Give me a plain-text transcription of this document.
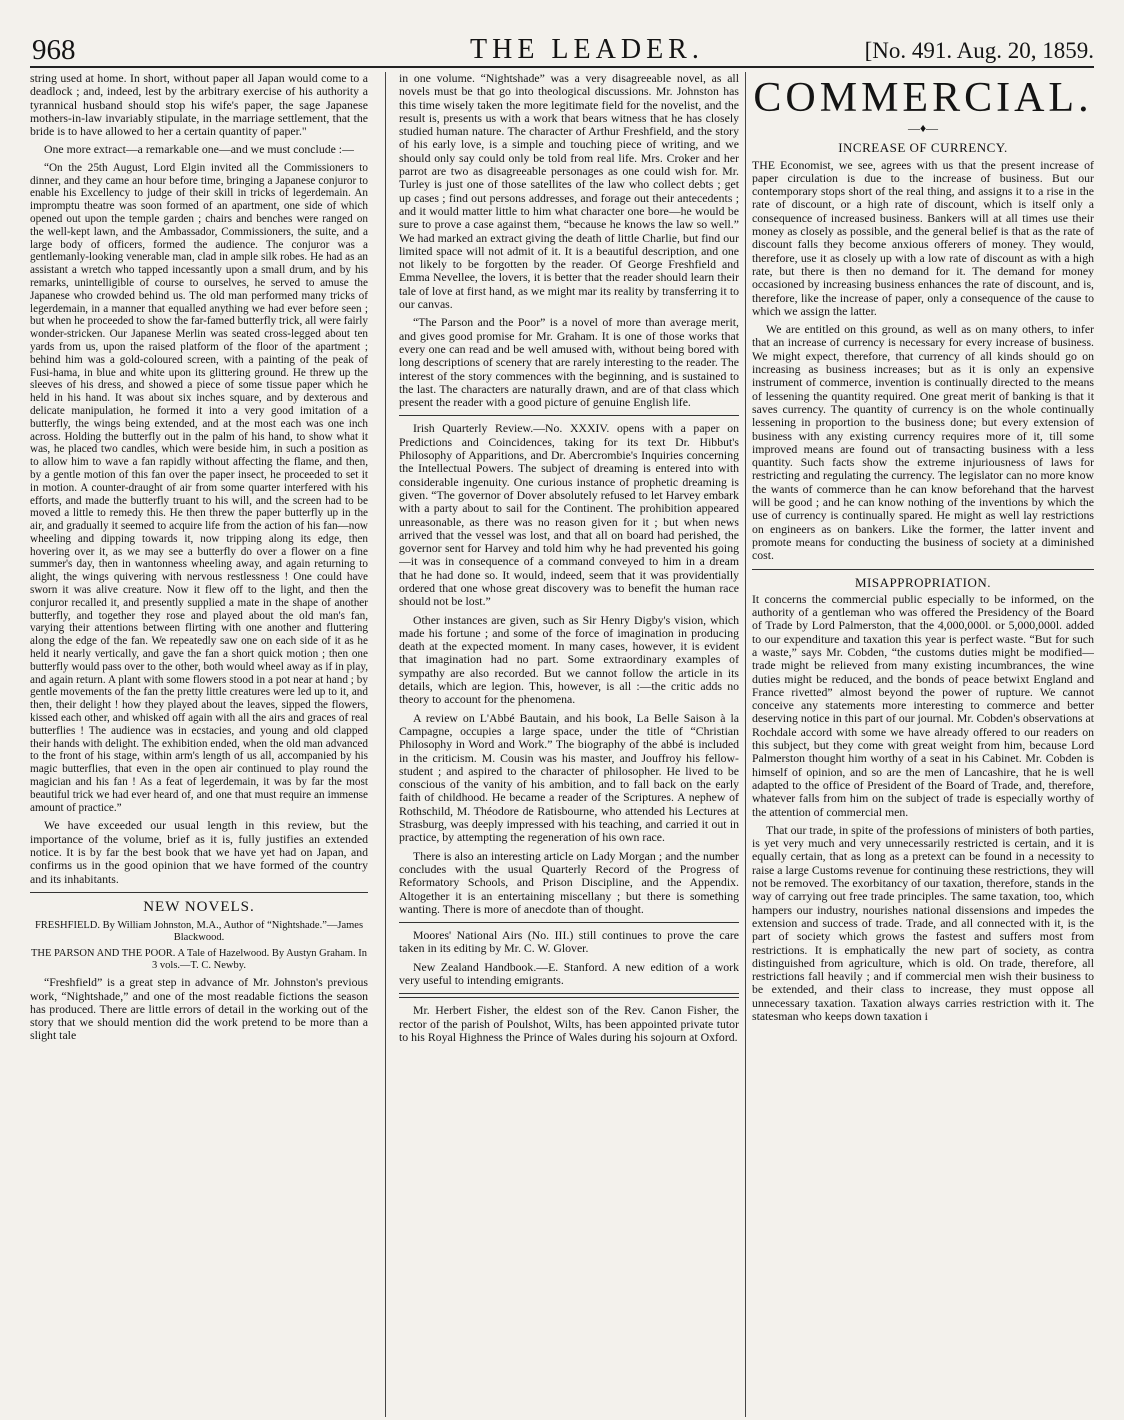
968	THE LEADER.	[No. 491. Aug. 20, 1859.

string used at home. In short, without paper all Japan would come to a deadlock ; and, indeed, lest by the arbitrary exercise of his authority a tyrannical husband should stop his wife's paper, the sage Japanese mothers-in-law invariably stipulate, in the marriage settlement, that the bride is to have allowed to her a certain quantity of paper."

One more extract—a remarkable one—and we must conclude :—

“On the 25th August, Lord Elgin invited all the Commissioners to dinner, and they came an hour before time, bringing a Japanese conjuror to enable his Excellency to judge of their skill in tricks of legerdemain. An impromptu theatre was soon formed of an apartment, one side of which opened out upon the temple garden ; chairs and benches were ranged on the well-kept lawn, and the Ambassador, Commissioners, the suite, and a large body of officers, formed the audience. The conjuror was a gentlemanly-looking venerable man, clad in ample silk robes. He had as an assistant a wretch who tapped incessantly upon a small drum, and by his remarks, unintelligible of course to ourselves, he served to amuse the Japanese who crowded behind us. The old man performed many tricks of legerdemain, in a manner that equalled anything we had ever before seen ; but when he proceeded to show the far-famed butterfly trick, all were fairly wonder-stricken. Our Japanese Merlin was seated cross-legged about ten yards from us, upon the raised platform of the floor of the apartment ; behind him was a gold-coloured screen, with a painting of the peak of Fusi-hama, in blue and white upon its glittering ground. He threw up the sleeves of his dress, and showed a piece of some tissue paper which he held in his hand. It was about six inches square, and by dexterous and delicate manipulation, he formed it into a very good imitation of a butterfly, the wings being extended, and at the most each was one inch across. Holding the butterfly out in the palm of his hand, to show what it was, he placed two candles, which were beside him, in such a position as to allow him to wave a fan rapidly without affecting the flame, and then, by a gentle motion of this fan over the paper insect, he proceeded to set it in motion. A counter-draught of air from some quarter interfered with his efforts, and made the butterfly truant to his will, and the screen had to be moved a little to remedy this. He then threw the paper butterfly up in the air, and gradually it seemed to acquire life from the action of his fan—now wheeling and dipping towards it, now tripping along its edge, then hovering over it, as we may see a butterfly do over a flower on a fine summer's day, then in wantonness wheeling away, and again returning to alight, the wings quivering with nervous restlessness ! One could have sworn it was alive creature. Now it flew off to the light, and then the conjuror recalled it, and presently supplied a mate in the shape of another butterfly, and together they rose and played about the old man's fan, varying their attentions between flirting with one another and fluttering along the edge of the fan. We repeatedly saw one on each side of it as he held it nearly vertically, and gave the fan a short quick motion ; then one butterfly would pass over to the other, both would wheel away as if in play, and again return. A plant with some flowers stood in a pot near at hand ; by gentle movements of the fan the pretty little creatures were led up to it, and then, their delight ! how they played about the leaves, sipped the flowers, kissed each other, and whisked off again with all the airs and graces of real butterflies ! The audience was in ecstacies, and young and old clapped their hands with delight. The exhibition ended, when the old man advanced to the front of his stage, within arm's length of us all, accompanied by his magic butterflies, that even in the open air continued to play round the magician and his fan ! As a feat of legerdemain, it was by far the most beautiful trick we had ever heard of, and one that must require an immense amount of practice.”

We have exceeded our usual length in this review, but the importance of the volume, brief as it is, fully justifies an extended notice. It is by far the best book that we have yet had on Japan, and confirms us in the good opinion that we have formed of the country and its inhabitants.

NEW NOVELS.
FRESHFIELD. By William Johnston, M.A., Author of “Nightshade.”—James Blackwood.
THE PARSON AND THE POOR. A Tale of Hazelwood. By Austyn Graham. In 3 vols.—T. C. Newby.

“Freshfield” is a great step in advance of Mr. Johnston's previous work, “Nightshade,” and one of the most readable fictions the season has produced. There are little errors of detail in the working out of the story that we should mention did the work pretend to be more than a slight tale

in one volume. “Nightshade” was a very disagreeable novel, as all novels must be that go into theological discussions. Mr. Johnston has this time wisely taken the more legitimate field for the novelist, and the result is, presents us with a work that bears witness that he has closely studied human nature. The character of Arthur Freshfield, and the story of his early love, is a simple and touching piece of writing, and we should only say could only be told from real life. Mrs. Croker and her parrot are two as disagreeable personages as one could wish for. Mr. Turley is just one of those satellites of the law who collect debts ; get up cases ; find out persons addresses, and forage out their antecedents ; and it would matter little to him what character one bore—he would be sure to prove a case against them, “because he knows the law so well.” We had marked an extract giving the death of little Charlie, but find our limited space will not admit of it. It is a beautiful description, and one not likely to be forgotten by the reader. Of George Freshfield and Emma Nevellee, the lovers, it is better that the reader should learn their tale of love at first hand, as we might mar its reality by transferring it to our canvas.

“The Parson and the Poor” is a novel of more than average merit, and gives good promise for Mr. Graham. It is one of those works that every one can read and be well amused with, without being bored with long descriptions of scenery that are rarely interesting to the reader. The interest of the story commences with the beginning, and is sustained to the last. The characters are naturally drawn, and are of that class which present the reader with a good picture of genuine English life.

Irish Quarterly Review.—No. XXXIV. opens with a paper on Predictions and Coincidences, taking for its text Dr. Hibbut's Philosophy of Apparitions, and Dr. Abercrombie's Inquiries concerning the Intellectual Powers. The subject of dreaming is entered into with considerable ingenuity. One curious instance of prophetic dreaming is given. “The governor of Dover absolutely refused to let Harvey embark with a party about to sail for the Continent. The prohibition appeared unreasonable, as there was no reason given for it ; but when news arrived that the vessel was lost, and that all on board had perished, the governor sent for Harvey and told him why he had prevented his going—it was in consequence of a command conveyed to him in a dream that he had done so. It would, indeed, seem that it was providentially ordered that one whose great discovery was to benefit the human race should not be lost.”

Other instances are given, such as Sir Henry Digby's vision, which made his fortune ; and some of the force of imagination in producing death at the expected moment. In many cases, however, it is evident that imagination had no part. Some extraordinary examples of sympathy are also recorded. But we cannot follow the article in its details, which are legion. This, however, is all :—the critic adds no theory to account for the phenomena.

A review on L'Abbé Bautain, and his book, La Belle Saison à la Campagne, occupies a large space, under the title of “Christian Philosophy in Word and Work.” The biography of the abbé is included in the criticism. M. Cousin was his master, and Jouffroy his fellow-student ; and aspired to the character of philosopher. He lived to be conscious of the vanity of his ambition, and to fall back on the early faith of childhood. He became a reader of the Scriptures. A nephew of Rothschild, M. Théodore de Ratisbourne, who attended his Lectures at Strasburg, was deeply impressed with his teaching, and carried it out in practice, by attempting the regeneration of his own race.

There is also an interesting article on Lady Morgan ; and the number concludes with the usual Quarterly Record of the Progress of Reformatory Schools, and Prison Discipline, and the Appendix. Altogether it is an entertaining miscellany ; but there is something wanting. There is more of anecdote than of thought.

Moores' National Airs (No. III.) still continues to prove the care taken in its editing by Mr. C. W. Glover.

New Zealand Handbook.—E. Stanford. A new edition of a work very useful to intending emigrants.

Mr. Herbert Fisher, the eldest son of the Rev. Canon Fisher, the rector of the parish of Poulshot, Wilts, has been appointed private tutor to his Royal Highness the Prince of Wales during his sojourn at Oxford.

COMMERCIAL.
—♦—
INCREASE OF CURRENCY.

THE Economist, we see, agrees with us that the present increase of paper circulation is due to the increase of business. But our contemporary stops short of the real thing, and assigns it to a rise in the rate of discount, or a high rate of discount, which is itself only a consequence of increased business. Bankers will at all times use their money as closely as possible, and the general belief is that as the rate of discount falls they become anxious offerers of money. They would, therefore, use it as closely up with a low rate of discount as with a high rate, but there is then no demand for it. The demand for money occasioned by increasing business enhances the rate of discount, and is, therefore, like the increase of paper, only a consequence of the cause to which we assign the latter.

We are entitled on this ground, as well as on many others, to infer that an increase of currency is necessary for every increase of business. We might expect, therefore, that currency of all kinds should go on increasing as business increases; but as it is only an expensive instrument of commerce, invention is continually directed to the means of lessening the quantity required. One great merit of banking is that it saves currency. The quantity of currency is on the whole continually lessening in proportion to the business done; but every extension of business with any existing currency requires more of it, till some improved means are found out of transacting business with a less quantity. Such facts show the extreme injuriousness of laws for restricting and regulating the currency. The legislator can no more know the wants of commerce than he can know beforehand that the harvest will be good ; and he can know nothing of the inventions by which the use of currency is continually spared. He might as well lay restrictions on engineers as on bankers. Like the former, the latter invent and promote means for conducting the business of society at a diminished cost.

MISAPPROPRIATION.

It concerns the commercial public especially to be informed, on the authority of a gentleman who was offered the Presidency of the Board of Trade by Lord Palmerston, that the 4,000,000l. or 5,000,000l. added to our expenditure and taxation this year is perfect waste. “But for such a waste,” says Mr. Cobden, “the customs duties might be modified—trade might be relieved from many existing incumbrances, the wine duties might be reduced, and the bonds of peace betwixt England and France rivetted” almost beyond the power of rupture. We cannot conceive any statements more interesting to commerce and better deserving notice in this part of our journal. Mr. Cobden's observations at Rochdale accord with some we have already offered to our readers on this subject, but they come with great weight from him, because Lord Palmerston thought him worthy of a seat in his Cabinet. Mr. Cobden is himself of opinion, and so are the men of Lancashire, that he is well adapted to the office of President of the Board of Trade, and, therefore, whatever falls from him on the subject of trade is especially worthy of the attention of commercial men.

That our trade, in spite of the professions of ministers of both parties, is yet very much and very unnecessarily restricted is certain, and it is equally certain, that as long as a pretext can be found in a necessity to raise a large Customs revenue for continuing these restrictions, they will not be removed. The exorbitancy of our taxation, therefore, stands in the way of carrying out free trade principles. The same taxation, too, which hampers our industry, nourishes national dissensions and impedes the extension and success of trade. Trade, and all connected with it, is the part of society which grows the fastest and suffers most from restrictions. It is emphatically the new part of society, as contra distinguished from agriculture, which is old. On trade, therefore, all restrictions fall heavily ; and if commercial men wish their business to be extended, and their class to increase, they must oppose all unnecessary taxation. Taxation always carries restriction with it. The statesman who keeps down taxation i
